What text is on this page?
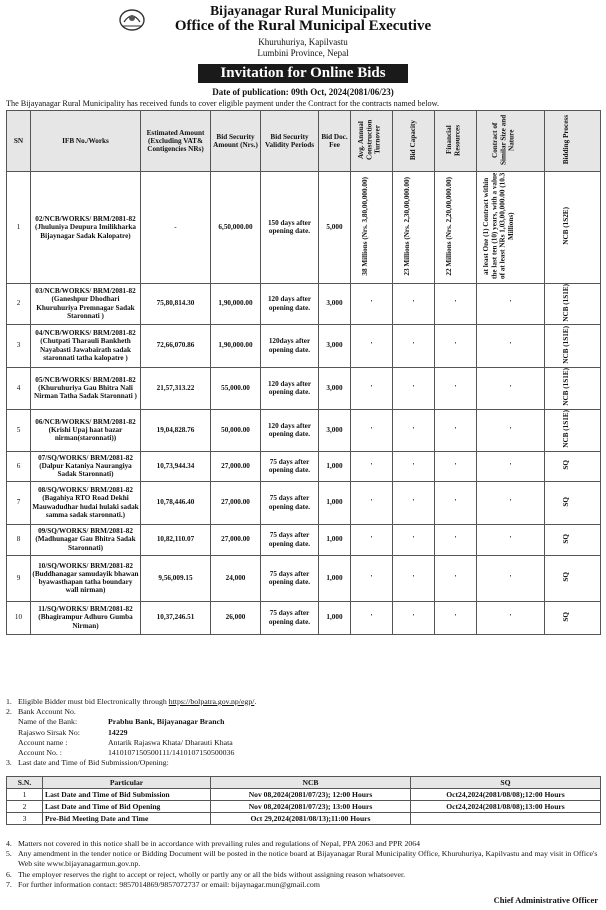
Bijayanagar Rural Municipality
Office of the Rural Municipal Executive
Khuruhuriya, Kapilvastu
Lumbini Province, Nepal
Invitation for Online Bids
Date of publication: 09th Oct, 2024(2081/06/23)
The Bijayanagar Rural Municipality has received funds to cover eligible payment under the Contract for the contracts named below.
SN	IFB No./Works	Estimated Amount (Excluding VAT& Contigencies NRs)	Bid Security Amount (Nrs.)	Bid Security Validity Periods	Bid Doc. Fee	Avg. Annual Construction Turnover	Bid Capacity	Financial Resources	Contract of Similar Size and Nature	Bidding Process
1	02/NCB/WORKS/ BRM/2081-82 (Jhuluniya Deupura Imilikharka Bijaynagar Sadak Kalopatre)	-	6,50,000.00	150 days after opening date.	5,000	38 Millions (Nrs. 3,80,00,000.00)	23 Millions (Nrs. 2,30,00,000.00)	22 Millions (Nrs. 2,20,00,000.00)	at least One (1) Contract within the last ten (10) years, with a value of at least NRs 1,03,00,000.00 (10.3 Millions)	NCB (1S2E)
2	03/NCB/WORKS/ BRM/2081-82 (Ganeshpur Dhodhari Khuruhuriya Premnagar Sadak Staronnati )	75,80,814.30	1,90,000.00	120 days after opening date.	3,000	'	'	'	'	NCB (1S1E)
3	04/NCB/WORKS/ BRM/2081-82 (Chutpati Tharauli Bankheth Nayabasti Jawabairath sadak staronnati tatha kalopatre )	72,66,070.86	1,90,000.00	120days after opening date.	3,000	'	'	'	'	NCB (1S1E)
4	05/NCB/WORKS/ BRM/2081-82 (Khuruhuriya Gau Bhitra Nali Nirman Tatha Sadak Staronnati )	21,57,313.22	55,000.00	120 days after opening date.	3,000	'	'	'	'	NCB (1S1E)
5	06/NCB/WORKS/ BRM/2081-82 (Krishi Upaj haat bazar nirman(staronnati))	19,04,828.76	50,000.00	120 days after opening date.	3,000	'	'	'	'	NCB (1S1E)
6	07/SQ/WORKS/ BRM/2081-82 (Dalpur Kataniya Naurangiya Sadak Staronnati)	10,73,944.34	27,000.00	75 days after opening date.	1,000	'	'	'	'	SQ
7	08/SQ/WORKS/ BRM/2081-82 (Bagahiya RTO Road Dekhi Mauwadudhar hudai hulaki sadak samma sadak staronnati.)	10,78,446.40	27,000.00	75 days after opening date.	1,000	'	'	'	'	SQ
8	09/SQ/WORKS/ BRM/2081-82 (Madhunagar Gau Bhitra Sadak Staronnati)	10,82,110.07	27,000.00	75 days after opening date.	1,000	'	'	'	'	SQ
9	10/SQ/WORKS/ BRM/2081-82 (Buddhanagar samudayik bhawan byawasthapan tatha boundary wall nirman)	9,56,009.15	24,000	75 days after opening date.	1,000	'	'	'	'	SQ
10	11/SQ/WORKS/ BRM/2081-82 (Bhagirampur Adhuro Gumba Nirman)	10,37,246.51	26,000	75 days after opening date.	1,000	'	'	'	'	SQ
1. Eligible Bidder must bid Electronically through https://bolpatra.gov.np/egp/.
2. Bank Account No.
Name of the Bank:	Prabhu Bank, Bijayanagar Branch
Rajaswo Sirsak No:	14229
Account name :	Antarik Rajaswa Khata/ Dharauti Khata
Account No. :	1410107150500111/1410107150500036
3. Last date and Time of Bid Submission/Opening:
S.N.	Particular	NCB	SQ
1	Last Date and Time of Bid Submission	Nov 08,2024(2081/07/23); 12:00 Hours	Oct24,2024(2081/08/08);12:00 Hours
2	Last Date and Time of Bid Opening	Nov 08,2024(2081/07/23); 13:00 Hours	Oct24,2024(2081/08/08);13:00 Hours
3	Pre-Bid Meeting Date and Time	Oct 29,2024(2081/08/13);11:00 Hours	
4. Matters not covered in this notice shall be in accordance with prevailing rules and regulations of Nepal, PPA 2063 and PPR 2064
5. Any amendment in the tender notice or Bidding Document will be posted in the notice board at Bijayanagar Rural Municipality Office, Khuruhuriya, Kapilvastu and may visit in Office's Web site www.bijayanagarmun.gov.np.
6. The employer reserves the right to accept or reject, wholly or partly any or all the bids without assigning reason whatsoever.
7. For further information contact: 9857014869/9857072737 or email: bijaynagar.mun@gmail.com
Chief Administrative Officer
